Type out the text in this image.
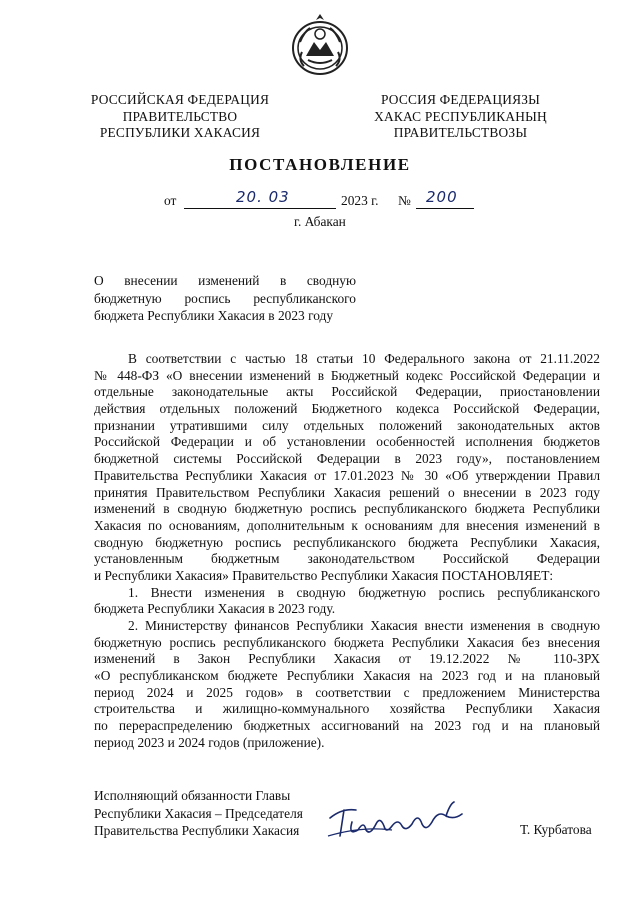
РОССИЙСКАЯ ФЕДЕРАЦИЯ
ПРАВИТЕЛЬСТВО
РЕСПУБЛИКИ ХАКАСИЯ
РОССИЯ ФЕДЕРАЦИЯЗЫ
ХАКАС РЕСПУБЛИКАНЫҢ
ПРАВИТЕЛЬСТВОЗЫ
ПОСТАНОВЛЕНИЕ
от	20. 03	2023 г. № 200
г. Абакан
О внесении изменений в сводную
бюджетную роспись республиканского
бюджета Республики Хакасия в 2023 году
В соответствии с частью 18 статьи 10 Федерального закона от 21.11.2022
№ 448-ФЗ «О внесении изменений в Бюджетный кодекс Российской Федерации и
отдельные законодательные акты Российской Федерации, приостановлении
действия отдельных положений Бюджетного кодекса Российской Федерации,
признании утратившими силу отдельных положений законодательных актов
Российской Федерации и об установлении особенностей исполнения бюджетов
бюджетной системы Российской Федерации в 2023 году», постановлением
Правительства Республики Хакасия от 17.01.2023 № 30 «Об утверждении Правил
принятия Правительством Республики Хакасия решений о внесении в 2023 году
изменений в сводную бюджетную роспись республиканского бюджета Республики
Хакасия по основаниям, дополнительным к основаниям для внесения изменений в
сводную бюджетную роспись республиканского бюджета Республики Хакасия,
установленным бюджетным законодательством Российской Федерации
и Республики Хакасия» Правительство Республики Хакасия ПОСТАНОВЛЯЕТ:
1. Внести изменения в сводную бюджетную роспись республиканского
бюджета Республики Хакасия в 2023 году.
2. Министерству финансов Республики Хакасия внести изменения в сводную
бюджетную роспись республиканского бюджета Республики Хакасия без внесения
изменений в Закон Республики Хакасия от 19.12.2022 № 110-ЗРХ
«О республиканском бюджете Республики Хакасия на 2023 год и на плановый
период 2024 и 2025 годов» в соответствии с предложением Министерства
строительства и жилищно-коммунального хозяйства Республики Хакасия
по перераспределению бюджетных ассигнований на 2023 год и на плановый
период 2023 и 2024 годов (приложение).
Исполняющий обязанности Главы
Республики Хакасия – Председателя
Правительства Республики Хакасия	Т. Курбатова
